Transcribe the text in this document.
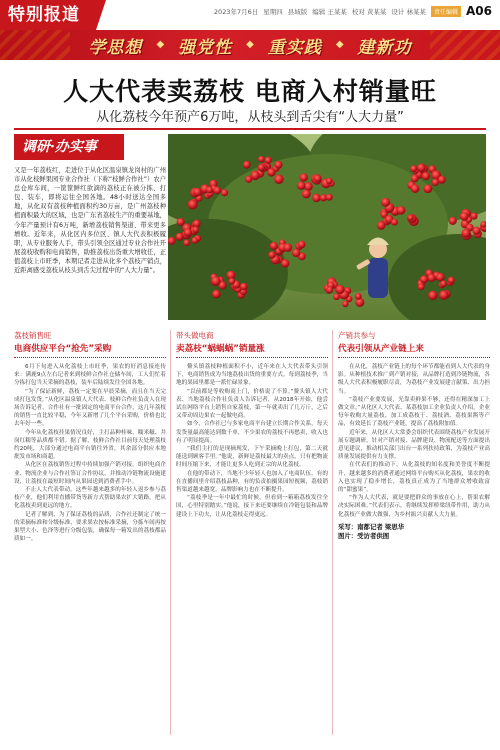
特别报道	2023年7月6日 星期四 县域版 编辑 王某某 校对 黄某某 设计 林某某	责任编辑 A06
学思想 ◆ 强党性 ◆ 重实践 ◆ 建新功
人大代表卖荔枝 电商入村销量旺
从化荔枝今年预产6万吨，从枝头到舌尖有“人大力量”
调研·办实事
又是一年荔枝红，走进位于从化区温泉镇龙岗村的广州市从化枝鲜果园专业合作社（下称“枝鲜合作社”）农户总仓库车间，一筐筐鲜红欲滴的荔枝正在被分拣、打包、装车，即将运往全国各地。48小时送达全国多地，从化双有荔枝种植面积约30万亩，是广州荔枝种植面积最大的区域，也是广东省荔枝生产的重要基地，今年产量预计有6万吨，新增荔枝销售渠道、带来更多增收。近年来，从化区内多位区、镇人大代表积极履职，从专业服务人手，带头引领全区通过专业合作社开展荔枝收购和电商销售，助推荔枝出货重大增收任，正值荔枝上市旺季，本期记者走进从化多个荔枝产销点，近距离感受荔枝从枝头到舌尖过程中的“人大力量”。
荔枝销售旺
电商供应平台“抢先”采购

6月下旬进入从化荔枝上市旺季，果农的好消息接连传来：满鹿9点左右记者来到枝鲜合作社仓储车间，工人们忙着分拣打包当天采摘的荔枝，装车后陆续发往全国各地。

“为了保证新鲜，荔枝一定要在早晨采摘，而且在当天完成打包发货。”从化区温泉镇人大代表、枝鲜合作社负责人在现场告诉记者，合作社有一批固定的电商平台合作，这几年荔枝的销售一直比较平稳，今年又新增了几个平台采购，价格也比去年好一些。

今年从化荔枝挂果情况良好，主打品种桂味、糯米糍、井岗红糯等品质都不错。据了解，枝鲜合作社目前每天处理荔枝约20吨，大部分通过电商平台销往外省，其余部分供应本地批发市场和商超。

从化区在荔枝销售过程中持续加强产销对接，组织电商企业、物流企业与合作社签订合作协议，并推动冷链物流设施建设，让荔枝在最短时间内从果园送到消费者手中。

不止人大代表带动，这些年越来越多的年轻人返乡参与荔枝产业，他们利用直播带货等新方式帮助果农扩大销路，把从化荔枝卖到更远的地方。

记者了解到，为了保证荔枝的品质，合作社还制定了统一的采摘标准和分级标准，要求果农按标准采摘，分拣车间再按果型大小、色泽等进行分级包装，确保每一箱发出的荔枝都品质如一。

带头做电商
卖荔枝“蜗蜗蜗”销量涨

鳌头镇荔枝种植面积不小，近年来在人大代表带头引领下，电商销售成为当地荔枝出货的重要方式。每到荔枝季，当地的果园里都是一派忙碌景象。

“以前都是等收购商上门，价格说了不算。”鳌头镇人大代表、当地荔枝合作社负责人告诉记者，从2018年开始，他尝试在网络平台上销售自家荔枝，第一年就卖出了几万斤，之后又带动周边果农一起做电商。

如今，合作社已与多家电商平台建立长期合作关系，每天发货量最高能达到数千单，不少果农的荔枝不再愁卖，收入也有了明显提高。

“我们主打的是现摘现发，下午采摘晚上打包，第二天就能送到顾客手里。”他说，新鲜是荔枝最大的卖点，只有把物流时间压缩下来，才能让更多人吃到正宗的从化荔枝。

在他的带动下，当地不少年轻人也加入了电商队伍，有的在直播间里介绍荔枝品种，有的负责拍摄果园短视频，荔枝销售渠道越来越宽，品牌影响力也在不断提升。

“荔枝季是一年中最忙的时候，但看到一箱箱荔枝发往全国，心里特别踏实。”他说，接下来还要继续在冷链包装和品牌建设上下功夫，让从化荔枝走得更远。

产销共参与
代表引领从产业链上来

在从化，荔枝产业链上的每个环节都能看到人大代表的身影。从种植技术推广到产销对接，从品牌打造到冷链物流，各级人大代表积极履职尽责，为荔枝产业发展建言献策、出力担当。

“荔枝产业要发展，光靠卖鲜果不够，还得在精深加工上做文章。”从化区人大代表、某荔枝加工企业负责人介绍，企业每年收购大量荔枝，加工成荔枝干、荔枝酒、荔枝果酱等产品，有效延长了荔枝产业链，提高了荔枝附加值。

近年来，从化区人大常委会组织代表围绕荔枝产业发展开展专题调研，针对产销对接、品牌建设、物流配送等方面提出意见建议，推动相关部门出台一系列扶持政策，为荔枝产业高质量发展提供有力支撑。

在代表们的推动下，从化荔枝的知名度和美誉度不断提升，越来越多的消费者通过网络平台购买从化荔枝，果农的收入也实现了稳步增长，荔枝真正成为了当地群众增收致富的“甜蜜果”。

“作为人大代表，就是要把群众的事放在心上，帮果农解决实际困难。”代表们表示，将继续发挥桥梁纽带作用，助力从化荔枝产业做大做强，为乡村振兴贡献人大力量。

采写：南都记者 梁思华
图片：受访者供图
